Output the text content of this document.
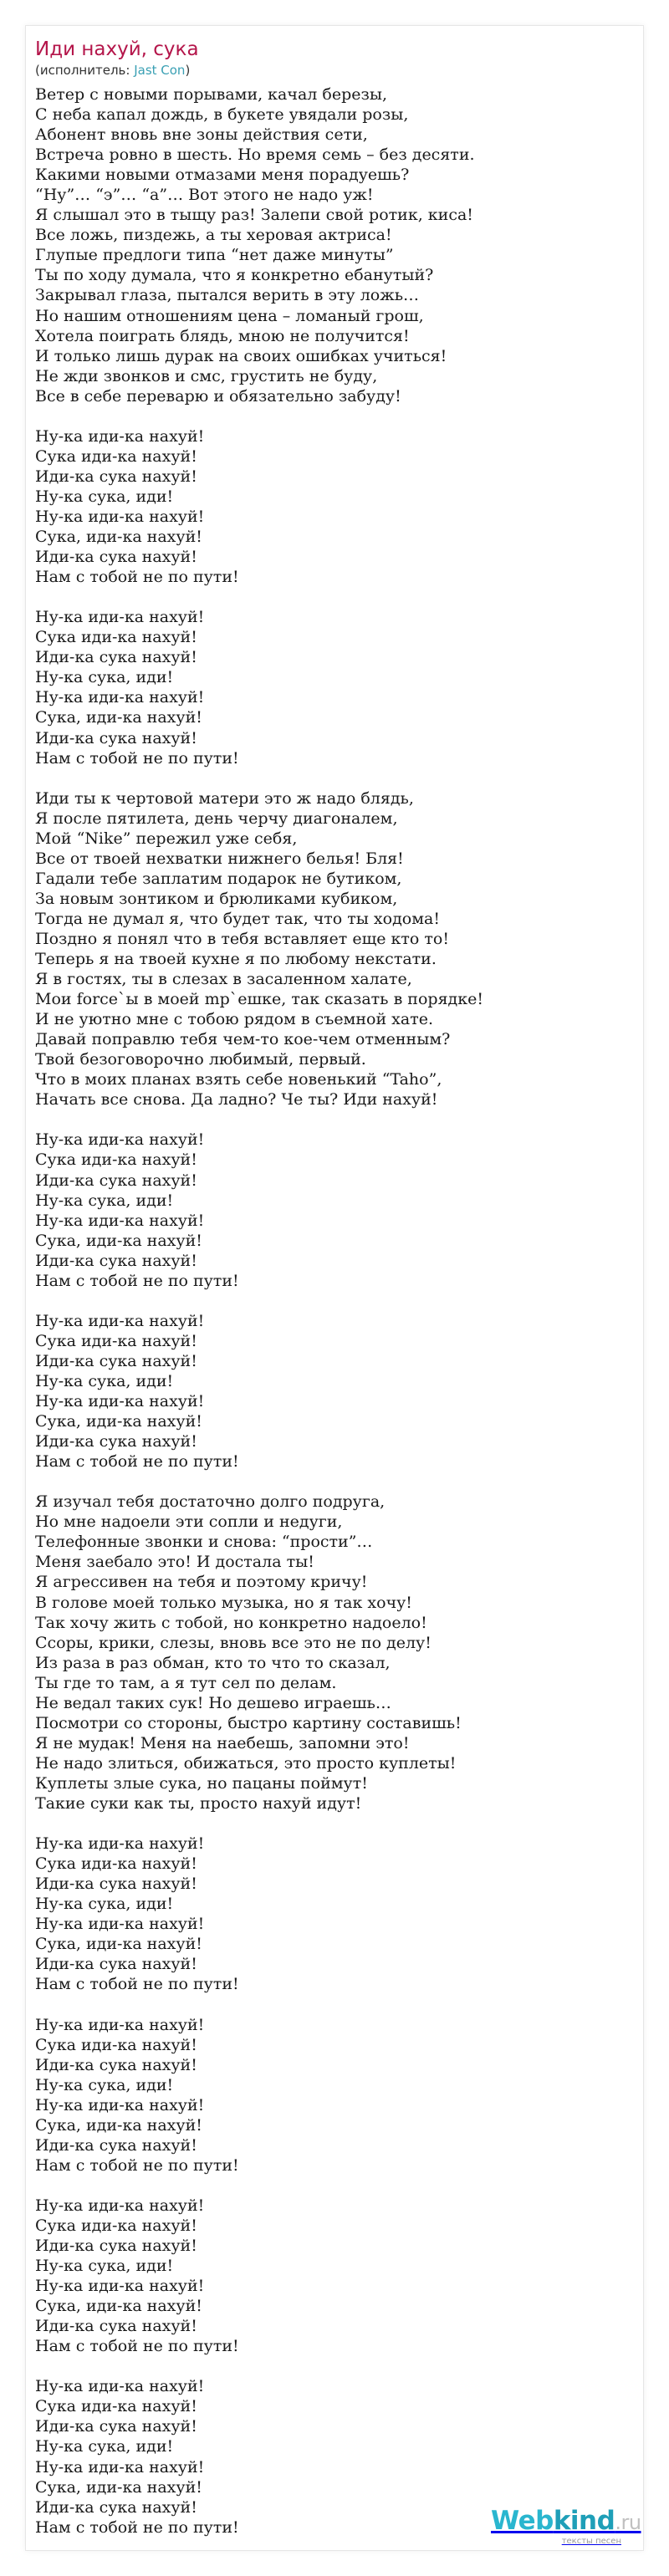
Иди нахуй, сука
(исполнитель: Jast Con)

Ветер с новыми порывами, качал березы,
С неба капал дождь, в букете увядали розы,
Абонент вновь вне зоны действия сети,
Встреча ровно в шесть. Но время семь – без десяти.
Какими новыми отмазами меня порадуешь?
“Ну”… “э”… “а”… Вот этого не надо уж!
Я слышал это в тыщу раз! Залепи свой ротик, киса!
Все ложь, пиздежь, а ты херовая актриса!
Глупые предлоги типа “нет даже минуты”
Ты по ходу думала, что я конкретно ебанутый?
Закрывал глаза, пытался верить в эту ложь…
Но нашим отношениям цена – ломаный грош,
Хотела поиграть блядь, мною не получится!
И только лишь дурак на своих ошибках учиться!
Не жди звонков и смс, грустить не буду,
Все в себе переварю и обязательно забуду!

Ну-ка иди-ка нахуй!
Сука иди-ка нахуй!
Иди-ка сука нахуй!
Ну-ка сука, иди!
Ну-ка иди-ка нахуй!
Сука, иди-ка нахуй!
Иди-ка сука нахуй!
Нам с тобой не по пути!

Ну-ка иди-ка нахуй!
Сука иди-ка нахуй!
Иди-ка сука нахуй!
Ну-ка сука, иди!
Ну-ка иди-ка нахуй!
Сука, иди-ка нахуй!
Иди-ка сука нахуй!
Нам с тобой не по пути!

Иди ты к чертовой матери это ж надо блядь,
Я после пятилета, день черчу диагоналем,
Мой “Nike” пережил уже себя,
Все от твоей нехватки нижнего белья! Бля!
Гадали тебе заплатим подарок не бутиком,
За новым зонтиком и брюликами кубиком,
Тогда не думал я, что будет так, что ты ходома!
Поздно я понял что в тебя вставляет еще кто то!
Теперь я на твоей кухне я по любому некстати.
Я в гостях, ты в слезах в засаленном халате,
Мои force`ы в моей mp`ешке, так сказать в порядке!
И не уютно мне с тобою рядом в съемной хате.
Давай поправлю тебя чем-то кое-чем отменным?
Твой безоговорочно любимый, первый.
Что в моих планах взять себе новенький “Tahо”,
Начать все снова. Да ладно? Че ты? Иди нахуй!

Ну-ка иди-ка нахуй!
Сука иди-ка нахуй!
Иди-ка сука нахуй!
Ну-ка сука, иди!
Ну-ка иди-ка нахуй!
Сука, иди-ка нахуй!
Иди-ка сука нахуй!
Нам с тобой не по пути!

Ну-ка иди-ка нахуй!
Сука иди-ка нахуй!
Иди-ка сука нахуй!
Ну-ка сука, иди!
Ну-ка иди-ка нахуй!
Сука, иди-ка нахуй!
Иди-ка сука нахуй!
Нам с тобой не по пути!

Я изучал тебя достаточно долго подруга,
Но мне надоели эти сопли и недуги,
Телефонные звонки и снова: “прости”…
Меня заебало это! И достала ты!
Я агрессивен на тебя и поэтому кричу!
В голове моей только музыка, но я так хочу!
Так хочу жить с тобой, но конкретно надоело!
Ссоры, крики, слезы, вновь все это не по делу!
Из раза в раз обман, кто то что то сказал,
Ты где то там, а я тут сел по делам.
Не ведал таких сук! Но дешево играешь…
Посмотри со стороны, быстро картину составишь!
Я не мудак! Меня на наебешь, запомни это!
Не надо злиться, обижаться, это просто куплеты!
Куплеты злые сука, но пацаны поймут!
Такие суки как ты, просто нахуй идут!

Ну-ка иди-ка нахуй!
Сука иди-ка нахуй!
Иди-ка сука нахуй!
Ну-ка сука, иди!
Ну-ка иди-ка нахуй!
Сука, иди-ка нахуй!
Иди-ка сука нахуй!
Нам с тобой не по пути!

Ну-ка иди-ка нахуй!
Сука иди-ка нахуй!
Иди-ка сука нахуй!
Ну-ка сука, иди!
Ну-ка иди-ка нахуй!
Сука, иди-ка нахуй!
Иди-ка сука нахуй!
Нам с тобой не по пути!

Ну-ка иди-ка нахуй!
Сука иди-ка нахуй!
Иди-ка сука нахуй!
Ну-ка сука, иди!
Ну-ка иди-ка нахуй!
Сука, иди-ка нахуй!
Иди-ка сука нахуй!
Нам с тобой не по пути!

Ну-ка иди-ка нахуй!
Сука иди-ка нахуй!
Иди-ка сука нахуй!
Ну-ка сука, иди!
Ну-ка иди-ка нахуй!
Сука, иди-ка нахуй!
Иди-ка сука нахуй!
Нам с тобой не по пути!	Webkind.ru
тексты песен
